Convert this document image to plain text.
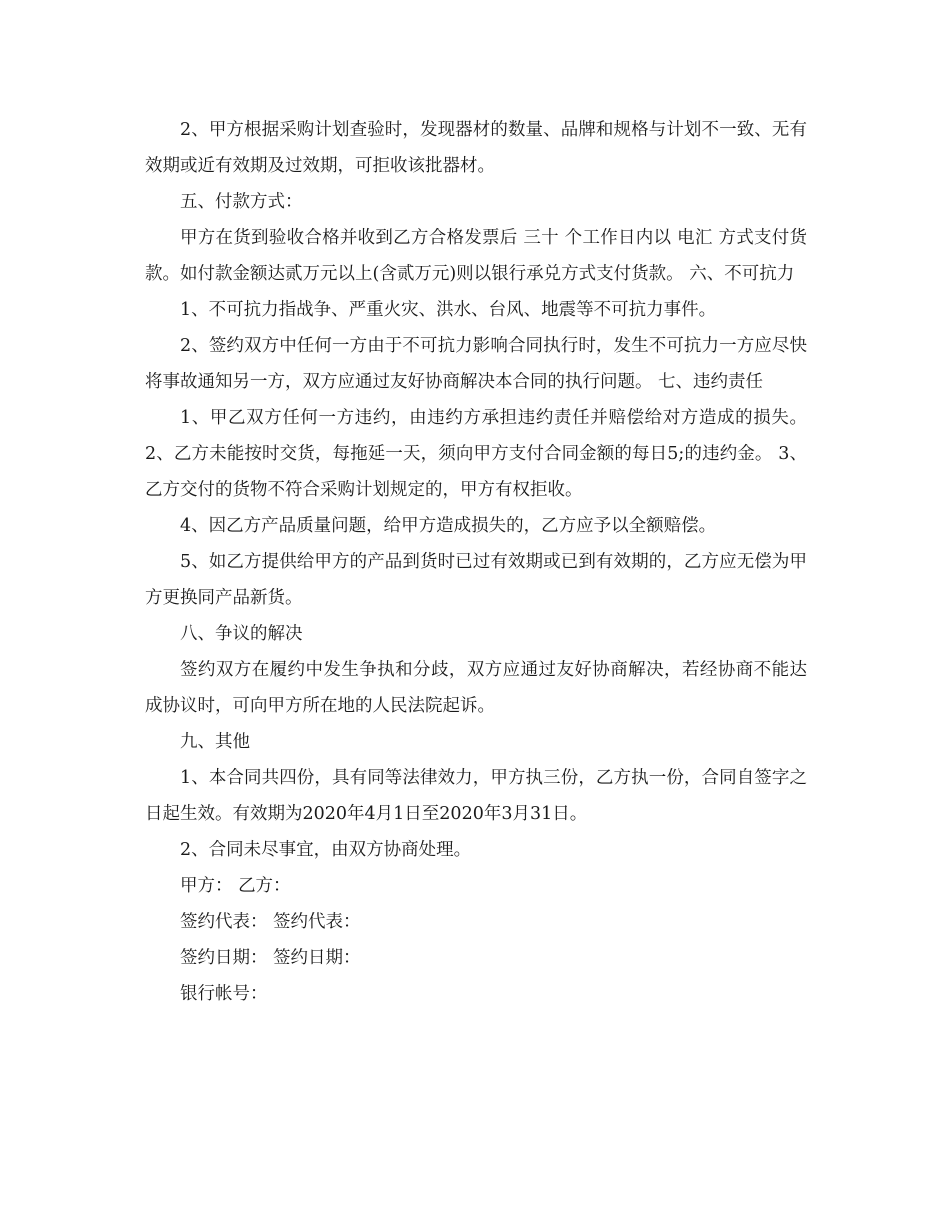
2、甲方根据采购计划查验时，发现器材的数量、品牌和规格与计划不一致、无有效期或近有效期及过效期，可拒收该批器材。

五、付款方式：

甲方在货到验收合格并收到乙方合格发票后 三十 个工作日内以 电汇 方式支付货款。如付款金额达贰万元以上(含贰万元)则以银行承兑方式支付货款。 六、不可抗力

1、不可抗力指战争、严重火灾、洪水、台风、地震等不可抗力事件。

2、签约双方中任何一方由于不可抗力影响合同执行时，发生不可抗力一方应尽快将事故通知另一方，双方应通过友好协商解决本合同的执行问题。 七、违约责任

1、甲乙双方任何一方违约，由违约方承担违约责任并赔偿给对方造成的损失。 2、乙方未能按时交货，每拖延一天，须向甲方支付合同金额的每日5;的违约金。 3、乙方交付的货物不符合采购计划规定的，甲方有权拒收。

4、因乙方产品质量问题，给甲方造成损失的，乙方应予以全额赔偿。

5、如乙方提供给甲方的产品到货时已过有效期或已到有效期的，乙方应无偿为甲方更换同产品新货。

八、争议的解决

签约双方在履约中发生争执和分歧，双方应通过友好协商解决，若经协商不能达成协议时，可向甲方所在地的人民法院起诉。

九、其他

1、本合同共四份，具有同等法律效力，甲方执三份，乙方执一份，合同自签字之日起生效。有效期为2020年4月1日至2020年3月31日。

2、合同未尽事宜，由双方协商处理。

甲方： 乙方：

签约代表： 签约代表：

签约日期： 签约日期：

银行帐号：
